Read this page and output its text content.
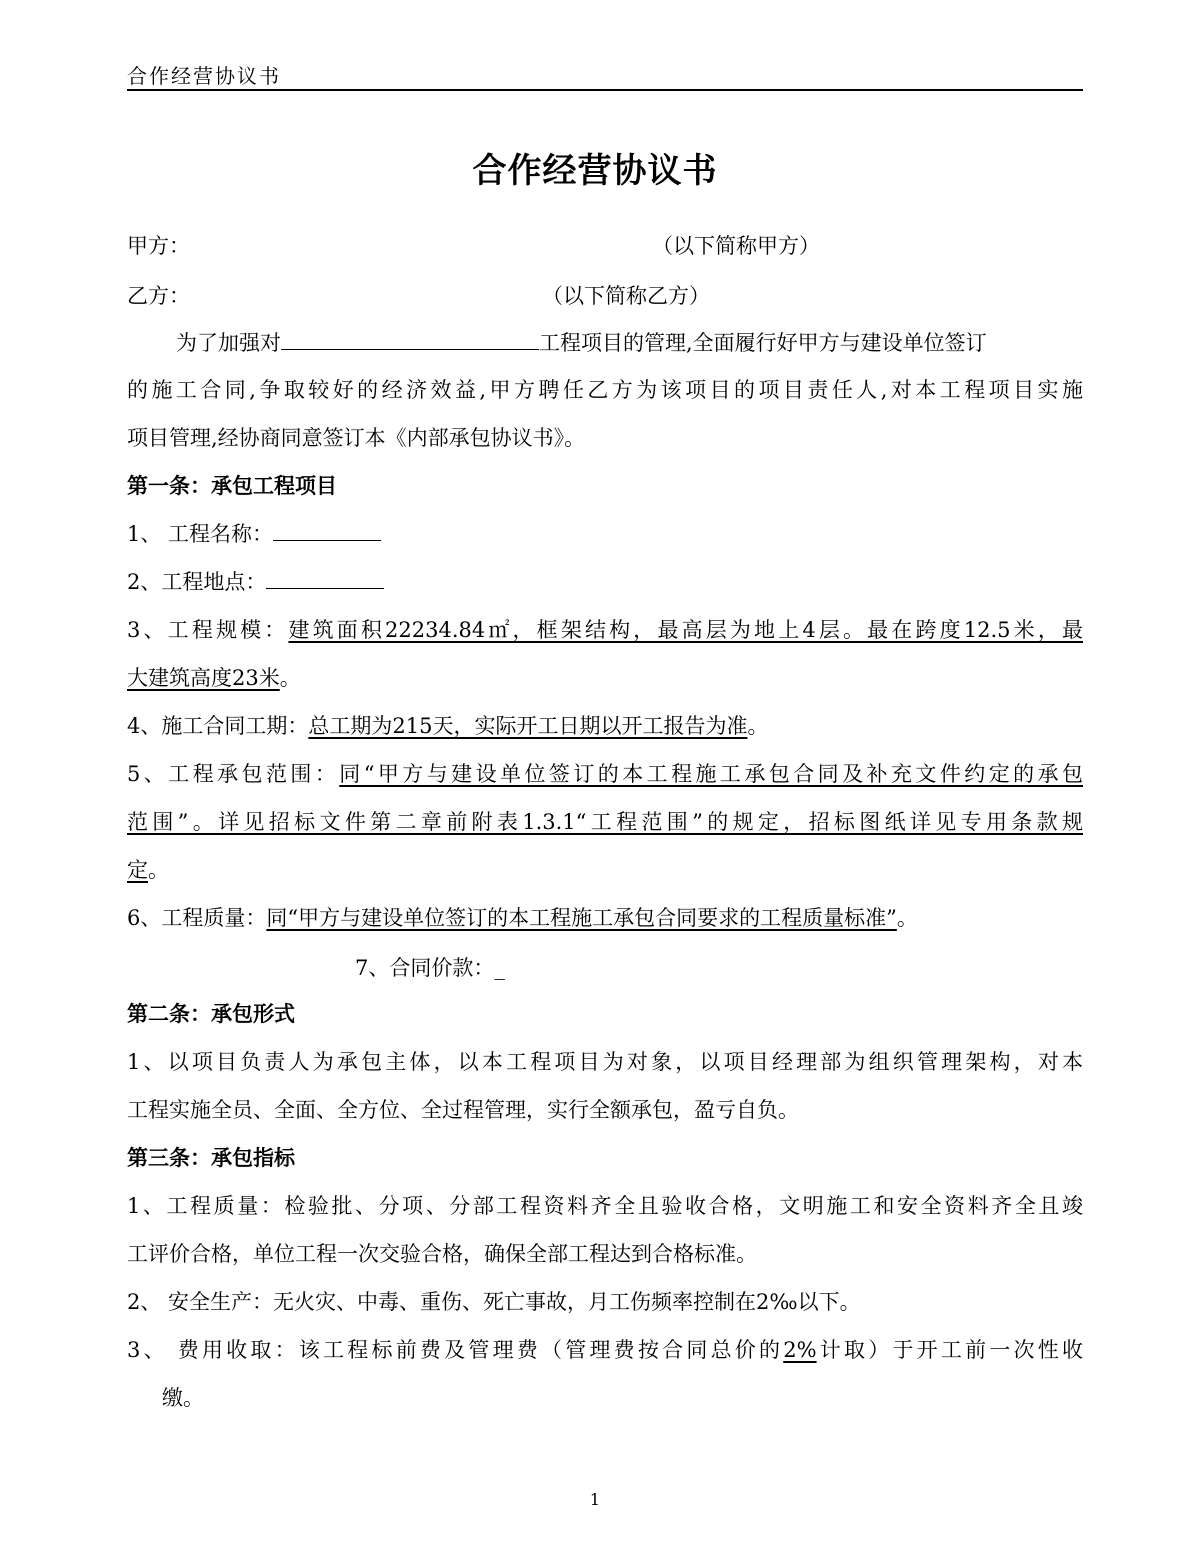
合作经营协议书
合作经营协议书
甲方：	（以下简称甲方）
乙方：	（以下简称乙方）
为了加强对	工程项目的管理,全面履行好甲方与建设单位签订
的施工合同,争取较好的经济效益,甲方聘任乙方为该项目的项目责任人,对本工程项目实施
项目管理,经协商同意签订本《内部承包协议书》。
第一条：承包工程项目
1、 工程名称：
2、工程地点：
3、工程规模：建筑面积22234.84㎡，框架结构，最高层为地上4层。最在跨度12.5米，最
大建筑高度23米。
4、施工合同工期：总工期为215天，实际开工日期以开工报告为准。
5、工程承包范围：同“甲方与建设单位签订的本工程施工承包合同及补充文件约定的承包
范围”。详见招标文件第二章前附表1.3.1“工程范围”的规定，招标图纸详见专用条款规
定。
6、工程质量：同“甲方与建设单位签订的本工程施工承包合同要求的工程质量标准”。
7、合同价款：_
第二条：承包形式
1、以项目负责人为承包主体，以本工程项目为对象，以项目经理部为组织管理架构，对本
工程实施全员、全面、全方位、全过程管理，实行全额承包，盈亏自负。
第三条：承包指标
1、工程质量：检验批、分项、分部工程资料齐全且验收合格，文明施工和安全资料齐全且竣
工评价合格，单位工程一次交验合格，确保全部工程达到合格标准。
2、 安全生产：无火灾、中毒、重伤、死亡事故，月工伤频率控制在2‰以下。
3、 费用收取：该工程标前费及管理费（管理费按合同总价的2%计取）于开工前一次性收
缴。
1
